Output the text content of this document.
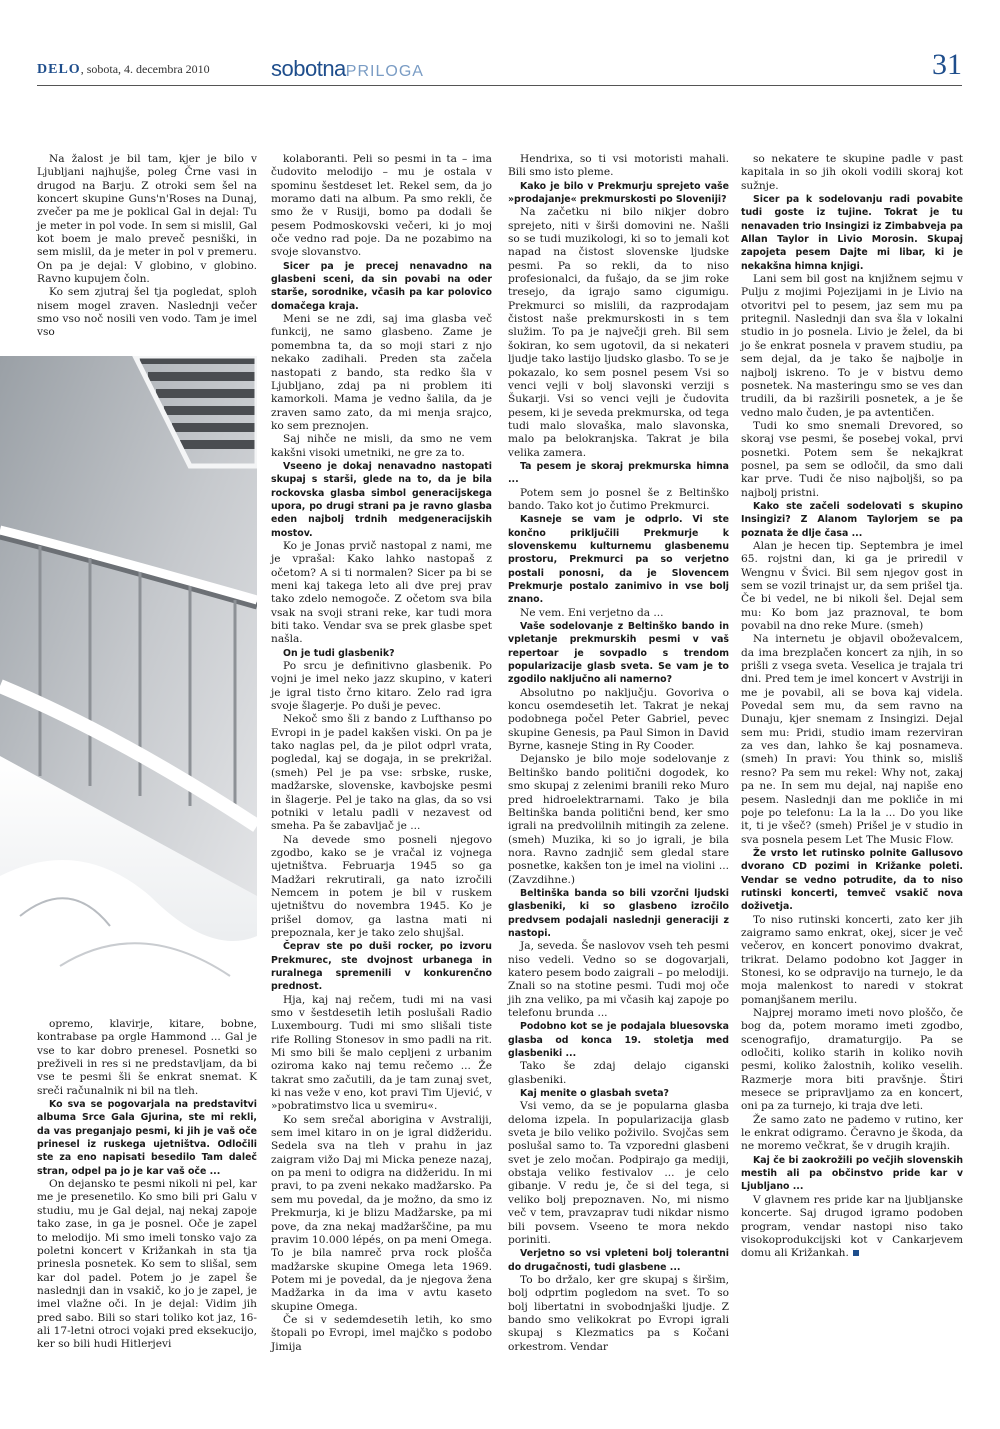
DELO, sobota, 4. decembra 2010	sobotnaPRILOGA	31

Na žalost je bil tam, kjer je bilo v Ljubljani najhujše, poleg Črne vasi in drugod na Barju. Z otroki sem šel na koncert skupine Guns'n'Roses na Dunaj, zvečer pa me je poklical Gal in dejal: Tu je meter in pol vode. In sem si mislil, Gal kot boem je malo preveč pesniški, in sem mislil, da je meter in pol v premeru. On pa je dejal: V globino, v globino. Ravno kupujem čoln.

Ko sem zjutraj šel tja pogledat, sploh nisem mogel zraven. Naslednji večer smo vso noč nosili ven vodo. Tam je imel vso

opremo, klavirje, kitare, bobne, kontrabase pa orgle Hammond ... Gal je vse to kar dobro prenesel. Posnetki so preživeli in res si ne predstavljam, da bi vse te pesmi šli še enkrat snemat. K sreči računalnik ni bil na tleh.

Ko sva se pogovarjala na predstavitvi albuma Srce Gala Gjurina, ste mi rekli, da vas preganjajo pesmi, ki jih je vaš oče prinesel iz ruskega ujetništva. Odločili ste za eno napisati besedilo Tam daleč stran, odpel pa jo je kar vaš oče ...

On dejansko te pesmi nikoli ni pel, kar me je presenetilo. Ko smo bili pri Galu v studiu, mu je Gal dejal, naj nekaj zapoje tako zase, in ga je posnel. Oče je zapel to melodijo. Mi smo imeli tonsko vajo za poletni koncert v Križankah in sta tja prinesla posnetek. Ko sem to slišal, sem kar dol padel. Potem jo je zapel še naslednji dan in vsakič, ko jo je zapel, je imel vlažne oči. In je dejal: Vidim jih pred sabo. Bili so stari toliko kot jaz, 16- ali 17-letni otroci vojaki pred eksekucijo, ker so bili hudi Hitlerjevi

kolaboranti. Peli so pesmi in ta – ima čudovito melodijo – mu je ostala v spominu šestdeset let. Rekel sem, da jo moramo dati na album. Pa smo rekli, če smo že v Rusiji, bomo pa dodali še pesem Podmoskovski večeri, ki jo moj oče vedno rad poje. Da ne pozabimo na svoje slovanstvo.

Sicer pa je precej nenavadno na glasbeni sceni, da sin povabi na oder starše, sorodnike, včasih pa kar polovico domačega kraja.

Meni se ne zdi, saj ima glasba več funkcij, ne samo glasbeno. Zame je pomembna ta, da so moji stari z njo nekako zadihali. Preden sta začela nastopati z bando, sta redko šla v Ljubljano, zdaj pa ni problem iti kamorkoli. Mama je vedno šalila, da je zraven samo zato, da mi menja srajco, ko sem preznojen.

Saj nihče ne misli, da smo ne vem kakšni visoki umetniki, ne gre za to.

Vseeno je dokaj nenavadno nastopati skupaj s starši, glede na to, da je bila rockovska glasba simbol generacijskega upora, po drugi strani pa je ravno glasba eden najbolj trdnih medgeneracijskih mostov.

Ko je Jonas prvič nastopal z nami, me je vprašal: Kako lahko nastopaš z očetom? A si ti normalen? Sicer pa bi se meni kaj takega leto ali dve prej prav tako zdelo nemogoče. Z očetom sva bila vsak na svoji strani reke, kar tudi mora biti tako. Vendar sva se prek glasbe spet našla.

On je tudi glasbenik?

Po srcu je definitivno glasbenik. Po vojni je imel neko jazz skupino, v kateri je igral tisto črno kitaro. Zelo rad igra svoje šlagerje. Po duši je pevec.

Nekoč smo šli z bando z Lufthanso po Evropi in je padel kakšen viski. On pa je tako naglas pel, da je pilot odprl vrata, pogledal, kaj se dogaja, in se prekrižal. (smeh) Pel je pa vse: srbske, ruske, madžarske, slovenske, kavbojske pesmi in šlagerje. Pel je tako na glas, da so vsi potniki v letalu padli v nezavest od smeha. Pa še zabavljač je ...

Na devede smo posneli njegovo zgodbo, kako se je vračal iz vojnega ujetništva. Februarja 1945 so ga Madžari rekrutirali, ga nato izročili Nemcem in potem je bil v ruskem ujetništvu do novembra 1945. Ko je prišel domov, ga lastna mati ni prepoznala, ker je tako zelo shujšal.

Čeprav ste po duši rocker, po izvoru Prekmurec, ste dvojnost urbanega in ruralnega spremenili v konkurenčno prednost.

Hja, kaj naj rečem, tudi mi na vasi smo v šestdesetih letih poslušali Radio Luxembourg. Tudi mi smo slišali tiste rife Rolling Stonesov in smo padli na rit. Mi smo bili še malo cepljeni z urbanim oziroma kako naj temu rečemo ... Že takrat smo začutili, da je tam zunaj svet, ki nas veže v eno, kot pravi Tim Ujević, v »pobratimstvo lica u svemiru«.

Ko sem srečal aborigina v Avstraliji, sem imel kitaro in on je igral didžeridu. Sedela sva na tleh v prahu in jaz zaigram vižo Daj mi Micka peneze nazaj, on pa meni to odigra na didžeridu. In mi pravi, to pa zveni nekako madžarsko. Pa sem mu povedal, da je možno, da smo iz Prekmurja, ki je blizu Madžarske, pa mi pove, da zna nekaj madžarščine, pa mu pravim 10.000 lépés, on pa meni Omega. To je bila namreč prva rock plošča madžarske skupine Omega leta 1969. Potem mi je povedal, da je njegova žena Madžarka in da ima v avtu kaseto skupine Omega.

Če si v sedemdesetih letih, ko smo štopali po Evropi, imel majčko s podobo Jimija

Hendrixa, so ti vsi motoristi mahali. Bili smo isto pleme.

Kako je bilo v Prekmurju sprejeto vaše »prodajanje« prekmurskosti po Sloveniji?

Na začetku ni bilo nikjer dobro sprejeto, niti v širši domovini ne. Našli so se tudi muzikologi, ki so to jemali kot napad na čistost slovenske ljudske pesmi. Pa so rekli, da to niso profesionalci, da fušajo, da se jim roke tresejo, da igrajo samo cigumigu. Prekmurci so mislili, da razprodajam čistost naše prekmurskosti in s tem služim. To pa je največji greh. Bil sem šokiran, ko sem ugotovil, da si nekateri ljudje tako lastijo ljudsko glasbo. To se je pokazalo, ko sem posnel pesem Vsi so venci vejli v bolj slavonski verziji s Šukarji. Vsi so venci vejli je čudovita pesem, ki je seveda prekmurska, od tega tudi malo slovaška, malo slavonska, malo pa belokranjska. Takrat je bila velika zamera.

Ta pesem je skoraj prekmurska himna ...

Potem sem jo posnel še z Beltinško bando. Tako kot jo čutimo Prekmurci.

Kasneje se vam je odprlo. Vi ste končno priključili Prekmurje k slovenskemu kulturnemu glasbenemu prostoru, Prekmurci pa so verjetno postali ponosni, da je Slovencem Prekmurje postalo zanimivo in vse bolj znano.

Ne vem. Eni verjetno da ...

Vaše sodelovanje z Beltinško bando in vpletanje prekmurskih pesmi v vaš repertoar je sovpadlo s trendom popularizacije glasb sveta. Se vam je to zgodilo naključno ali namerno?

Absolutno po naključju. Govoriva o koncu osemdesetih let. Takrat je nekaj podobnega počel Peter Gabriel, pevec skupine Genesis, pa Paul Simon in David Byrne, kasneje Sting in Ry Cooder.

Dejansko je bilo moje sodelovanje z Beltinško bando politični dogodek, ko smo skupaj z zelenimi branili reko Muro pred hidroelektrarnami. Tako je bila Beltinška banda politični bend, ker smo igrali na predvolilnih mitingih za zelene. (smeh) Muzika, ki so jo igrali, je bila nora. Ravno zadnjič sem gledal stare posnetke, kakšen ton je imel na violini ... (Zavzdihne.)

Beltinška banda so bili vzorčni ljudski glasbeniki, ki so glasbeno izročilo predvsem podajali naslednji generaciji z nastopi.

Ja, seveda. Še naslovov vseh teh pesmi niso vedeli. Vedno so se dogovarjali, katero pesem bodo zaigrali – po melodiji. Znali so na stotine pesmi. Tudi moj oče jih zna veliko, pa mi včasih kaj zapoje po telefonu brunda ...

Podobno kot se je podajala bluesovska glasba od konca 19. stoletja med glasbeniki ...

Tako še zdaj delajo ciganski glasbeniki.

Kaj menite o glasbah sveta?

Vsi vemo, da se je popularna glasba deloma izpela. In popularizacija glasb sveta je bilo veliko poživilo. Svojčas sem poslušal samo to. Ta vzporedni glasbeni svet je zelo močan. Podpirajo ga mediji, obstaja veliko festivalov ... je celo gibanje. V redu je, če si del tega, si veliko bolj prepoznaven. No, mi nismo več v tem, pravzaprav tudi nikdar nismo bili povsem. Vseeno te mora nekdo poriniti.

Verjetno so vsi vpleteni bolj tolerantni do drugačnosti, tudi glasbene ...

To bo držalo, ker gre skupaj s širšim, bolj odprtim pogledom na svet. To so bolj libertatni in svobodnjaški ljudje. Z bando smo velikokrat po Evropi igrali skupaj s Klezmatics pa s Kočani orkestrom. Vendar

so nekatere te skupine padle v past kapitala in so jih okoli vodili skoraj kot sužnje.

Sicer pa k sodelovanju radi povabite tudi goste iz tujine. Tokrat je tu nenavaden trio Insingizi iz Zimbabveja pa Allan Taylor in Livio Morosin. Skupaj zapojeta pesem Dajte mi libar, ki je nekakšna himna knjigi.

Lani sem bil gost na knjižnem sejmu v Pulju z mojimi Pojezijami in je Livio na otvoritvi pel to pesem, jaz sem mu pa pritegnil. Naslednji dan sva šla v lokalni studio in jo posnela. Livio je želel, da bi jo še enkrat posnela v pravem studiu, pa sem dejal, da je tako še najbolje in najbolj iskreno. To je v bistvu demo posnetek. Na masteringu smo se ves dan trudili, da bi razširili posnetek, a je še vedno malo čuden, je pa avtentičen.

Tudi ko smo snemali Drevored, so skoraj vse pesmi, še posebej vokal, prvi posnetki. Potem sem še nekajkrat posnel, pa sem se odločil, da smo dali kar prve. Tudi če niso najboljši, so pa najbolj pristni.

Kako ste začeli sodelovati s skupino Insingizi? Z Alanom Taylorjem se pa poznata že dlje časa ...

Alan je hecen tip. Septembra je imel 65. rojstni dan, ki ga je priredil v Wengnu v Švici. Bil sem njegov gost in sem se vozil trinajst ur, da sem prišel tja. Če bi vedel, ne bi nikoli šel. Dejal sem mu: Ko bom jaz praznoval, te bom povabil na dno reke Mure. (smeh)

Na internetu je objavil oboževalcem, da ima brezplačen koncert za njih, in so prišli z vsega sveta. Veselica je trajala tri dni. Pred tem je imel koncert v Avstriji in me je povabil, ali se bova kaj videla. Povedal sem mu, da sem ravno na Dunaju, kjer snemam z Insingizi. Dejal sem mu: Pridi, studio imam rezerviran za ves dan, lahko še kaj posnameva. (smeh) In pravi: You think so, misliš resno? Pa sem mu rekel: Why not, zakaj pa ne. In sem mu dejal, naj napiše eno pesem. Naslednji dan me pokliče in mi poje po telefonu: La la la ... Do you like it, ti je všeč? (smeh) Prišel je v studio in sva posnela pesem Let The Music Flow.

Že vrsto let rutinsko polnite Gallusovo dvorano CD pozimi in Križanke poleti. Vendar se vedno potrudite, da to niso rutinski koncerti, temveč vsakič nova doživetja.

To niso rutinski koncerti, zato ker jih zaigramo samo enkrat, okej, sicer je več večerov, en koncert ponovimo dvakrat, trikrat. Delamo podobno kot Jagger in Stonesi, ko se odpravijo na turnejo, le da moja malenkost to naredi v stokrat pomanjšanem merilu.

Najprej moramo imeti novo ploščo, če bog da, potem moramo imeti zgodbo, scenografijo, dramaturgijo. Pa se odločiti, koliko starih in koliko novih pesmi, koliko žalostnih, koliko veselih. Razmerje mora biti pravšnje. Štiri mesece se pripravljamo za en koncert, oni pa za turnejo, ki traja dve leti.

Že samo zato ne pademo v rutino, ker le enkrat odigramo. Čeravno je škoda, da ne moremo večkrat, še v drugih krajih.

Kaj če bi zaokrožili po večjih slovenskih mestih ali pa občinstvo pride kar v Ljubljano ...

V glavnem res pride kar na ljubljanske koncerte. Saj drugod igramo podoben program, vendar nastopi niso tako visokoprodukcijski kot v Cankarjevem domu ali Križankah.
